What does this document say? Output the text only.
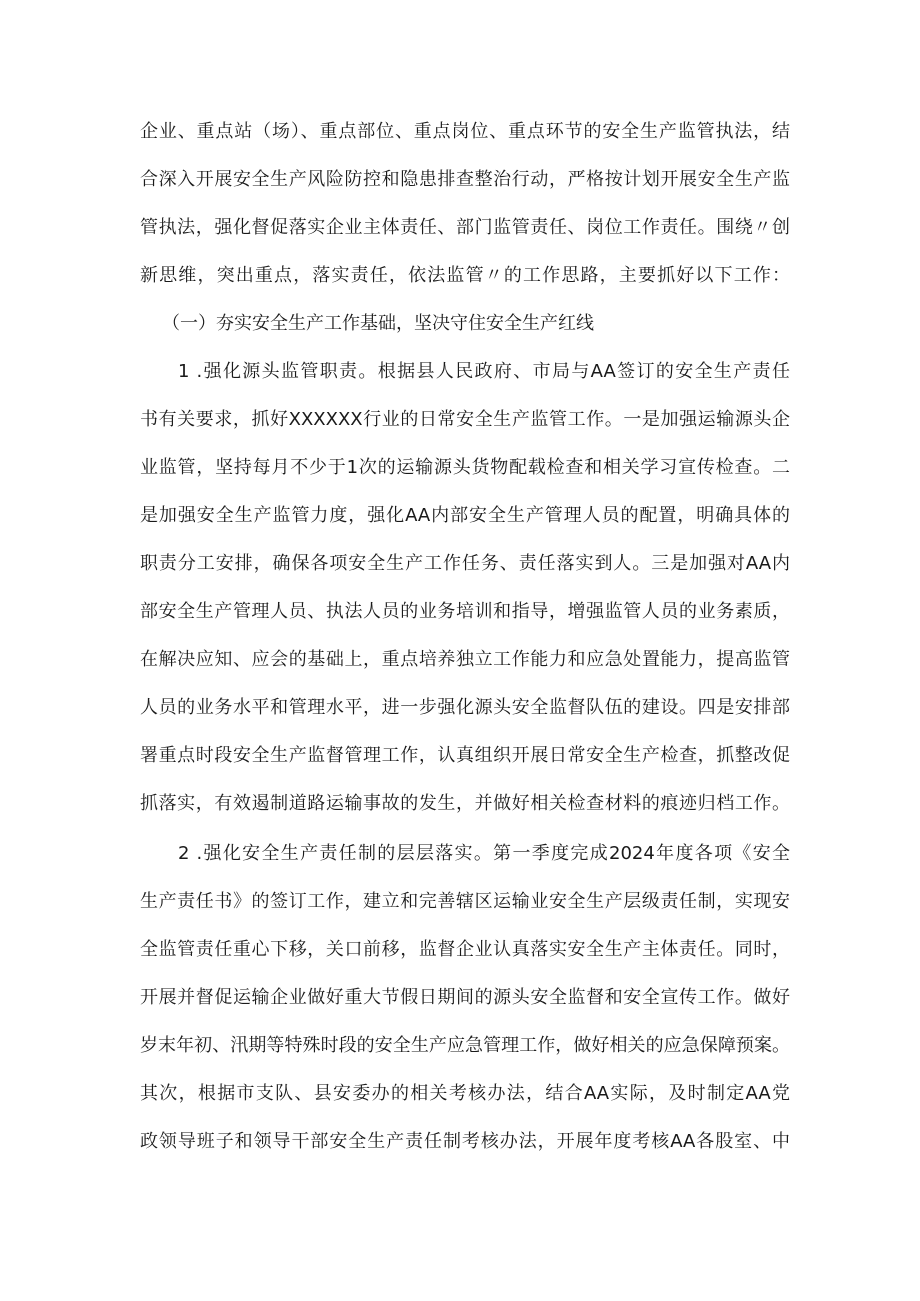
企业、重点站（场）、重点部位、重点岗位、重点环节的安全生产监管执法，结
合深入开展安全生产风险防控和隐患排查整治行动，严格按计划开展安全生产监
管执法，强化督促落实企业主体责任、部门监管责任、岗位工作责任。围绕〃创
新思维，突出重点，落实责任，依法监管〃的工作思路，主要抓好以下工作：
（一）夯实安全生产工作基础，坚决守住安全生产红线
1 .强化源头监管职责。根据县人民政府、市局与AA签订的安全生产责任
书有关要求，抓好XXXXXX行业的日常安全生产监管工作。一是加强运输源头企
业监管，坚持每月不少于1次的运输源头货物配载检查和相关学习宣传检查。二
是加强安全生产监管力度，强化AA内部安全生产管理人员的配置，明确具体的
职责分工安排，确保各项安全生产工作任务、责任落实到人。三是加强对AA内
部安全生产管理人员、执法人员的业务培训和指导，增强监管人员的业务素质，
在解决应知、应会的基础上，重点培养独立工作能力和应急处置能力，提高监管
人员的业务水平和管理水平，进一步强化源头安全监督队伍的建设。四是安排部
署重点时段安全生产监督管理工作，认真组织开展日常安全生产检查，抓整改促
抓落实，有效遏制道路运输事故的发生，并做好相关检查材料的痕迹归档工作。
2 .强化安全生产责任制的层层落实。第一季度完成2024年度各项《安全
生产责任书》的签订工作，建立和完善辖区运输业安全生产层级责任制，实现安
全监管责任重心下移，关口前移，监督企业认真落实安全生产主体责任。同时，
开展并督促运输企业做好重大节假日期间的源头安全监督和安全宣传工作。做好
岁末年初、汛期等特殊时段的安全生产应急管理工作，做好相关的应急保障预案。
其次，根据市支队、县安委办的相关考核办法，结合AA实际，及时制定AA党
政领导班子和领导干部安全生产责任制考核办法，开展年度考核AA各股室、中
